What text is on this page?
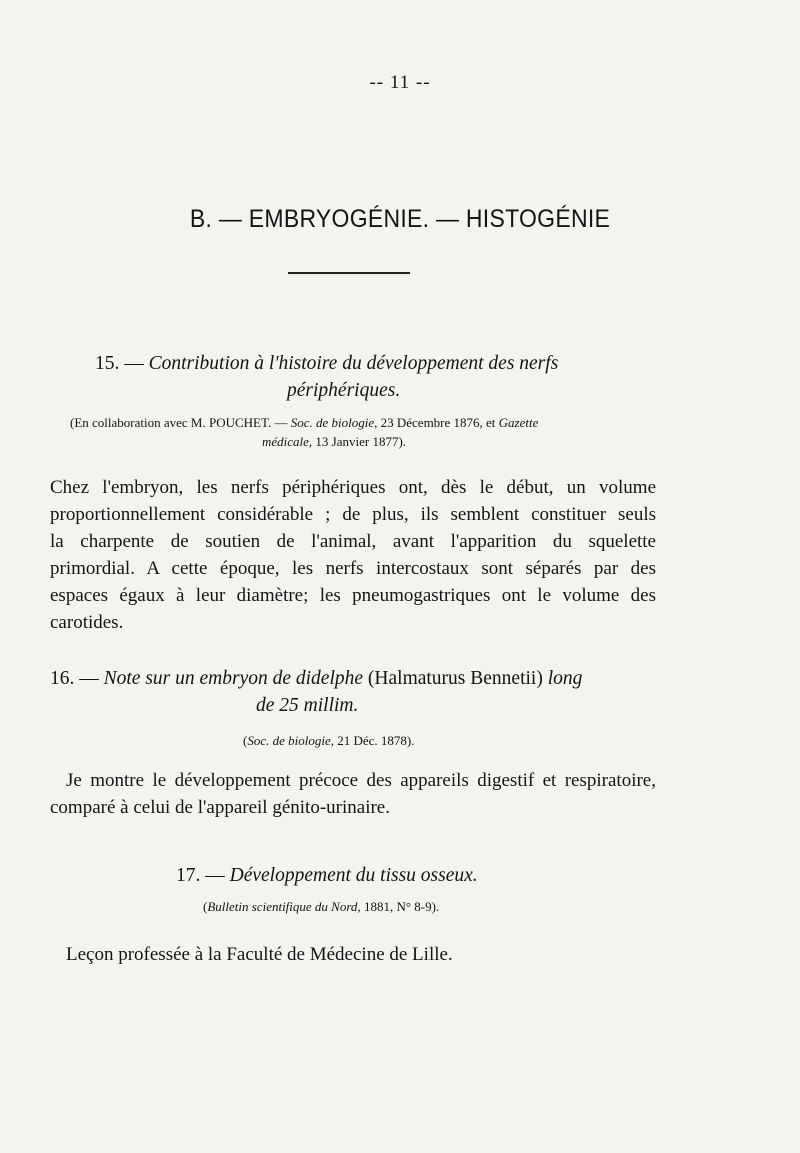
-- 11 --
B. — EMBRYOGÉNIE. — HISTOGÉNIE
15. — Contribution à l'histoire du développement des nerfs
périphériques.
(En collaboration avec M. POUCHET. — Soc. de biologie, 23 Décembre 1876, et Gazette
médicale, 13 Janvier 1877).
Chez l'embryon, les nerfs périphériques ont, dès le début, un volume
proportionnellement considérable ; de plus, ils semblent constituer seuls
la charpente de soutien de l'animal, avant l'apparition du squelette
primordial. A cette époque, les nerfs intercostaux sont séparés par des
espaces égaux à leur diamètre; les pneumogastriques ont le volume des
carotides.
16. — Note sur un embryon de didelphe (Halmaturus Bennetii) long
de 25 millim.
(Soc. de biologie, 21 Déc. 1878).
Je montre le développement précoce des appareils digestif et respiratoire,
comparé à celui de l'appareil génito-urinaire.
17. — Développement du tissu osseux.
(Bulletin scientifique du Nord, 1881, N° 8-9).
Leçon professée à la Faculté de Médecine de Lille.
